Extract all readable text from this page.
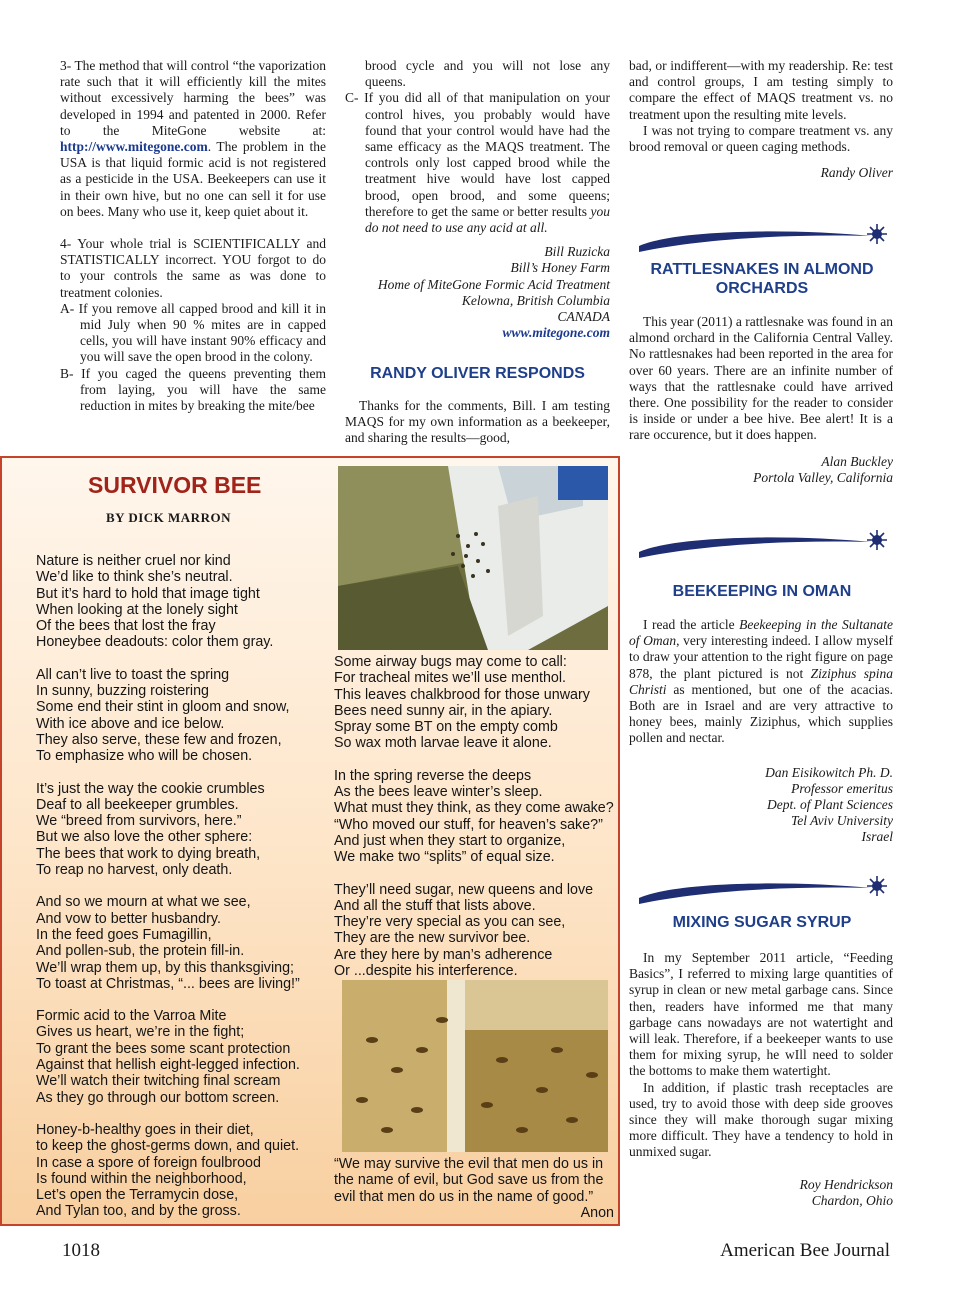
3- The method that will control “the vaporization rate such that it will efficiently kill the mites without excessively harming the bees” was developed in 1994 and patented in 2000. Refer to the MiteGone website at: http://www.mitegone.com. The problem in the USA is that liquid formic acid is not registered as a pesticide in the USA. Beekeepers can use it in their own hive, but no one can sell it for use on bees. Many who use it, keep quiet about it.

4- Your whole trial is SCIENTIFICALLY and STATISTICALLY incorrect. YOU forgot to do to your controls the same as was done to treatment colonies.

A- If you remove all capped brood and kill it in mid July when 90 % mites are in capped cells, you will have instant 90% efficacy and you will save the open brood in the colony.

B- If you caged the queens preventing them from laying, you will have the same reduction in mites by breaking the mite/bee

brood cycle and you will not lose any queens.

C- If you did all of that manipulation on your control hives, you probably would have found that your control would have had the same efficacy as the MAQS treatment. The controls only lost capped brood while the treatment hive would have lost capped brood, open brood, and some queens; therefore to get the same or better results you do not need to use any acid at all.

Bill Ruzicka
Bill’s Honey Farm
Home of MiteGone Formic Acid Treatment
Kelowna, British Columbia
CANADA
www.mitegone.com
RANDY OLIVER RESPONDS

Thanks for the comments, Bill. I am testing MAQS for my own information as a beekeeper, and sharing the results—good,

bad, or indifferent—with my readership. Re: test and control groups, I am testing simply to compare the effect of MAQS treatment vs. no treatment upon the resulting mite levels.

I was not trying to compare treatment vs. any brood removal or queen caging methods.

Randy Oliver

RATTLESNAKES IN ALMOND ORCHARDS

This year (2011) a rattlesnake was found in an almond orchard in the California Central Valley. No rattlesnakes had been reported in the area for over 60 years. There are an infinite number of ways that the rattlesnake could have arrived there. One possibility for the reader to consider is inside or under a bee hive. Bee alert! It is a rare occurence, but it does happen.

Alan Buckley
Portola Valley, California
BEEKEEPING IN OMAN

I read the article Beekeeping in the Sultanate of Oman, very interesting indeed. I allow myself to draw your attention to the right figure on page 878, the plant pictured is not Ziziphus spina Christi as mentioned, but one of the acacias. Both are in Israel and are very attractive to honey bees, mainly Ziziphus, which supplies pollen and nectar.

Dan Eisikowitch Ph. D.
Professor emeritus
Dept. of Plant Sciences
Tel Aviv University
Israel
MIXING SUGAR SYRUP

In my September 2011 article, “Feeding Basics”, I referred to mixing large quantities of syrup in clean or new metal garbage cans. Since then, readers have informed me that many garbage cans nowadays are not watertight and will leak. Therefore, if a beekeeper wants to use them for mixing syrup, he wIll need to solder the bottoms to make them watertight.

In addition, if plastic trash receptacles are used, try to avoid those with deep side grooves since they will make thorough sugar mixing more difficult. They have a tendency to hold in unmixed sugar.

Roy Hendrickson
Chardon, Ohio
SURVIVOR BEE
BY DICK MARRON
Nature is neither cruel nor kind
We’d like to think she’s neutral.
But it’s hard to hold that image tight
When looking at the lonely sight
Of the bees that lost the fray
Honeybee deadouts: color them gray.
All can’t live to toast the spring
In sunny, buzzing roistering
Some end their stint in gloom and snow,
With ice above and ice below.
They also serve, these few and frozen,
To emphasize who will be chosen.
It’s just the way the cookie crumbles
Deaf to all beekeeper grumbles.
We “breed from survivors, here.”
But we also love the other sphere:
The bees that work to dying breath,
To reap no harvest, only death.
And so we mourn at what we see,
And vow to better husbandry.
In the feed goes Fumagillin,
And pollen-sub, the protein fill-in.
We’ll wrap them up, by this thanksgiving;
To toast at Christmas, “... bees are living!”
Formic acid to the Varroa Mite
Gives us heart, we’re in the fight;
To grant the bees some scant protection
Against that hellish eight-legged infection.
We’ll watch their twitching final scream
As they go through our bottom screen.
Honey-b-healthy goes in their diet,
to keep the ghost-germs down, and quiet.
In case a spore of foreign foulbrood
Is found within the neighborhood,
Let’s open the Terramycin dose,
And Tylan too, and by the gross.
Some airway bugs may come to call:
For tracheal mites we’ll use menthol.
This leaves chalkbrood for those unwary
Bees need sunny air, in the apiary.
Spray some BT on the empty comb
So wax moth larvae leave it alone.
In the spring reverse the deeps
As the bees leave winter’s sleep.
What must they think, as they come awake?
“Who moved our stuff, for heaven’s sake?”
And just when they start to organize,
We make two “splits” of equal size.
They’ll need sugar, new queens and love
And all the stuff that lists above.
They’re very special as you can see,
They are the new survivor bee.
Are they here by man’s adherence
Or ...despite his interference.
“We may survive the evil that men do us in the name of evil, but God save us from the evil that men do us in the name of good.”
Anon
1018	American Bee Journal
